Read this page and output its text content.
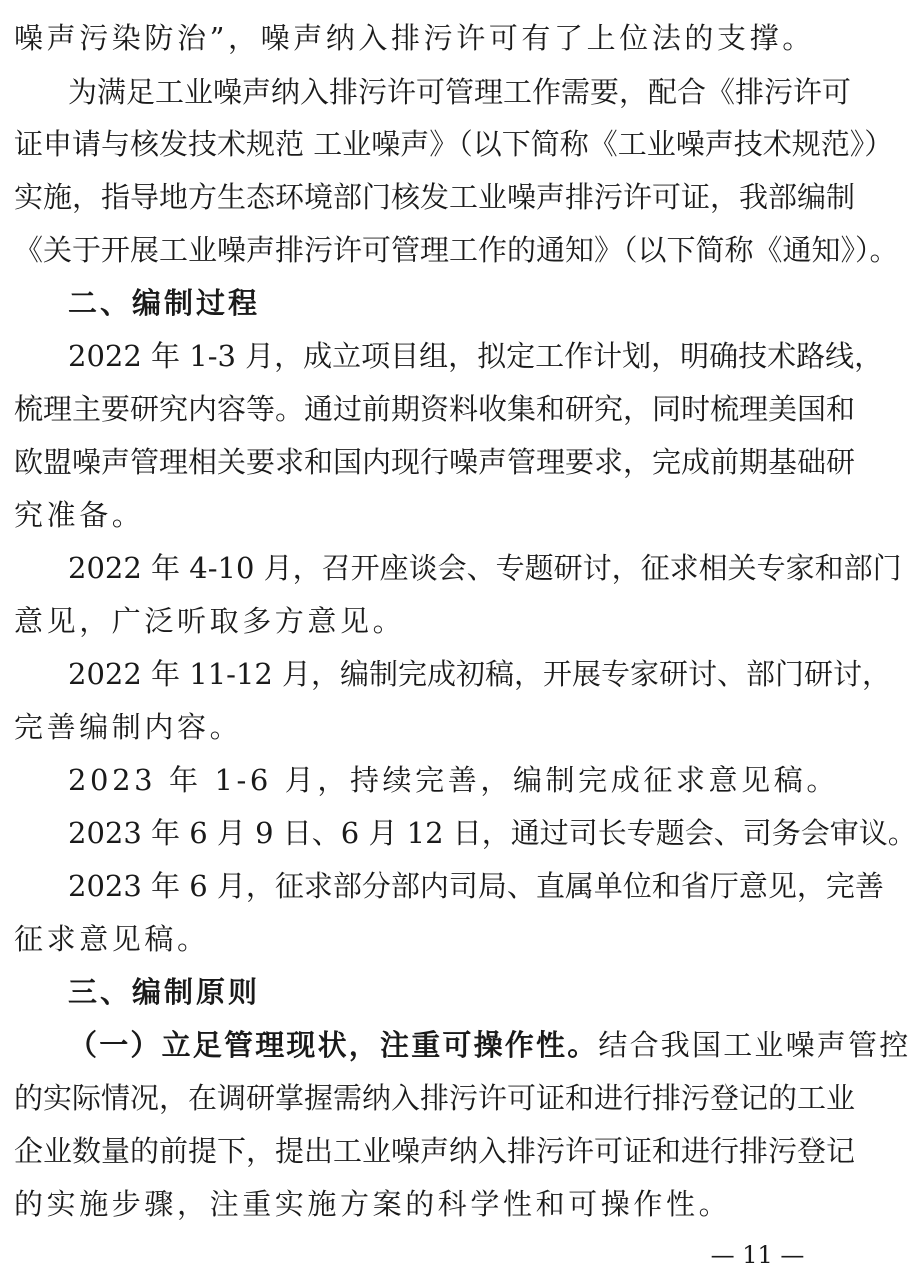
噪声污染防治”，噪声纳入排污许可有了上位法的支撑。
为满足工业噪声纳入排污许可管理工作需要，配合《排污许可
证申请与核发技术规范 工业噪声》（以下简称《工业噪声技术规范》）
实施，指导地方生态环境部门核发工业噪声排污许可证，我部编制
《关于开展工业噪声排污许可管理工作的通知》（以下简称《通知》）。
二、编制过程
2022 年 1-3 月，成立项目组，拟定工作计划，明确技术路线，
梳理主要研究内容等。通过前期资料收集和研究，同时梳理美国和
欧盟噪声管理相关要求和国内现行噪声管理要求，完成前期基础研
究准备。
2022 年 4-10 月，召开座谈会、专题研讨，征求相关专家和部门
意见，广泛听取多方意见。
2022 年 11-12 月，编制完成初稿，开展专家研讨、部门研讨，
完善编制内容。
2023 年 1-6 月，持续完善，编制完成征求意见稿。
2023 年 6 月 9 日、6 月 12 日，通过司长专题会、司务会审议。
2023 年 6 月，征求部分部内司局、直属单位和省厅意见，完善
征求意见稿。
三、编制原则
（一）立足管理现状，注重可操作性。结合我国工业噪声管控
的实际情况，在调研掌握需纳入排污许可证和进行排污登记的工业
企业数量的前提下，提出工业噪声纳入排污许可证和进行排污登记
的实施步骤，注重实施方案的科学性和可操作性。
— 11 —
